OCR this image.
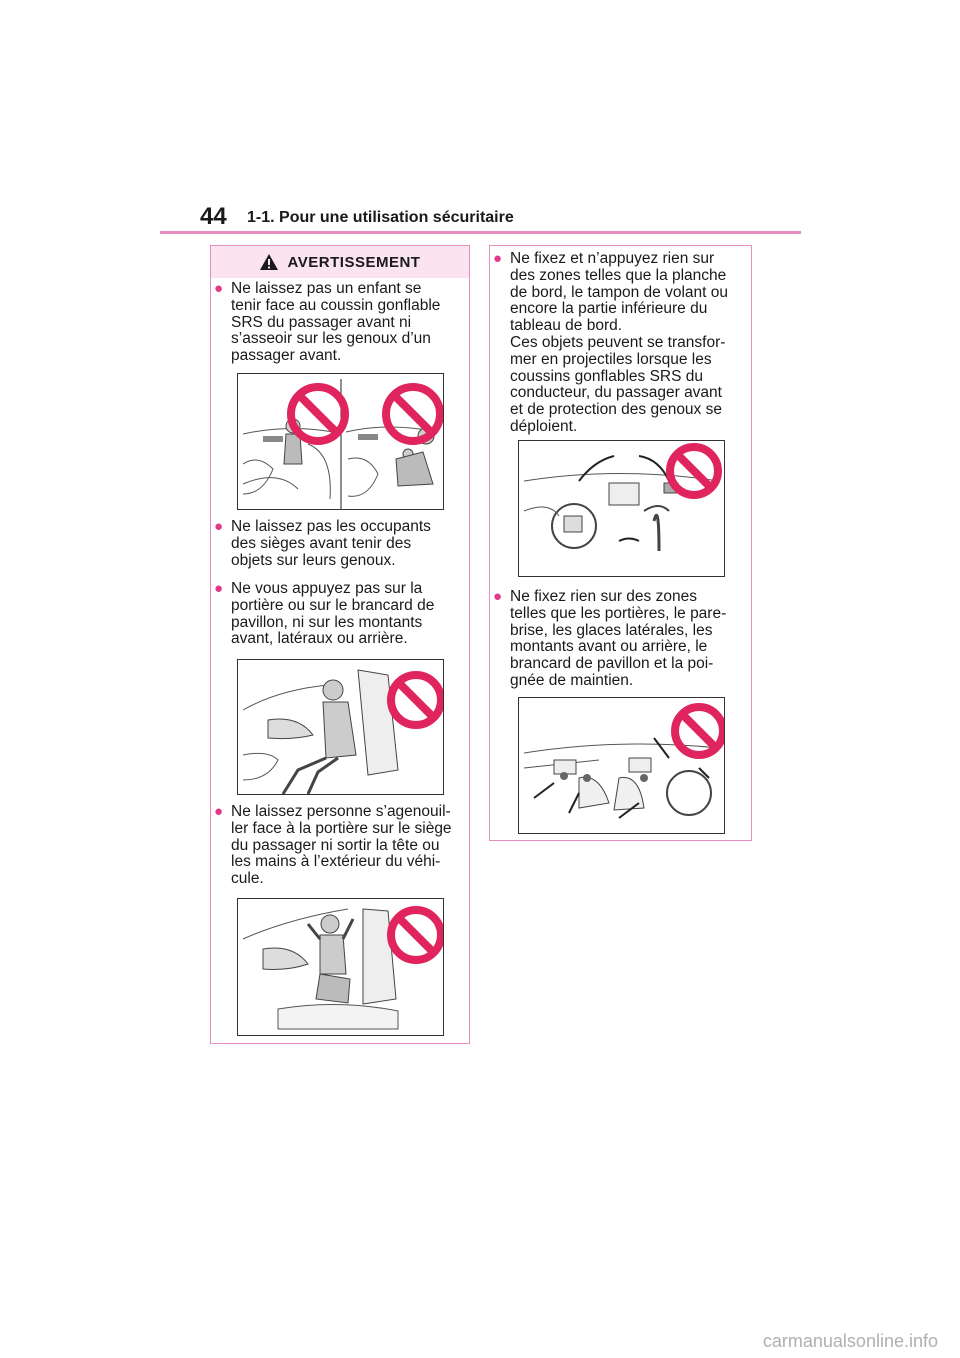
44 1-1. Pour une utilisation sécuritaire
AVERTISSEMENT
● Ne laissez pas un enfant se
tenir face au coussin gonflable
SRS du passager avant ni
s’asseoir sur les genoux d’un
passager avant.
● Ne laissez pas les occupants
des sièges avant tenir des
objets sur leurs genoux.
● Ne vous appuyez pas sur la
portière ou sur le brancard de
pavillon, ni sur les montants
avant, latéraux ou arrière.
● Ne laissez personne s’agenouil-
ler face à la portière sur le siège
du passager ni sortir la tête ou
les mains à l’extérieur du véhi-
cule.
● Ne fixez et n’appuyez rien sur
des zones telles que la planche
de bord, le tampon de volant ou
encore la partie inférieure du
tableau de bord.
Ces objets peuvent se transfor-
mer en projectiles lorsque les
coussins gonflables SRS du
conducteur, du passager avant
et de protection des genoux se
déploient.
● Ne fixez rien sur des zones
telles que les portières, le pare-
brise, les glaces latérales, les
montants avant ou arrière, le
brancard de pavillon et la poi-
gnée de maintien.
carmanualsonline.info
